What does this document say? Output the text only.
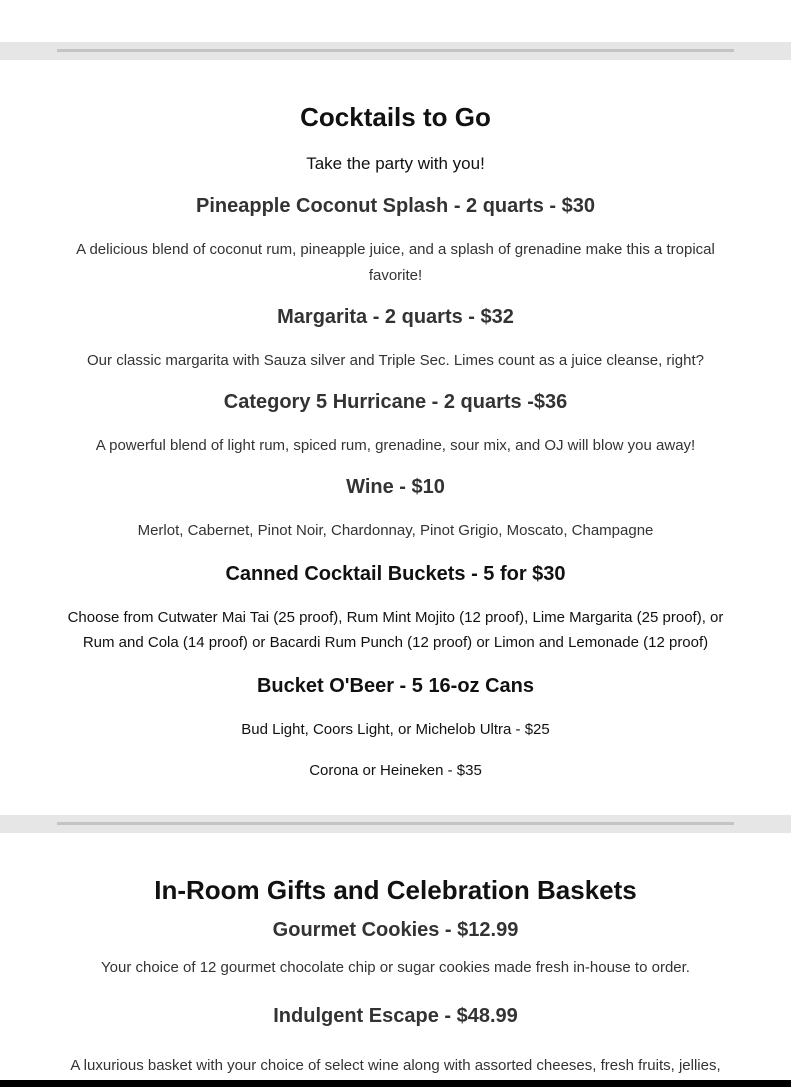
Cocktails to Go

Take the party with you!

Pineapple Coconut Splash - 2 quarts - $30

A delicious blend of coconut rum, pineapple juice, and a splash of grenadine make this a tropical

favorite!

Margarita - 2 quarts - $32

Our classic margarita with Sauza silver and Triple Sec. Limes count as a juice cleanse, right?

Category 5 Hurricane - 2 quarts -$36

A powerful blend of light rum, spiced rum, grenadine, sour mix, and OJ will blow you away!

Wine - $10

Merlot, Cabernet, Pinot Noir, Chardonnay, Pinot Grigio, Moscato, Champagne

Canned Cocktail Buckets - 5 for $30

Choose from Cutwater Mai Tai (25 proof), Rum Mint Mojito (12 proof), Lime Margarita (25 proof), or

Rum and Cola (14 proof) or Bacardi Rum Punch (12 proof) or Limon and Lemonade (12 proof)

Bucket O'Beer - 5 16-oz Cans

Bud Light, Coors Light, or Michelob Ultra - $25

Corona or Heineken - $35

In-Room Gifts and Celebration Baskets
Gourmet Cookies - $12.99

Your choice of 12 gourmet chocolate chip or sugar cookies made fresh in-house to order.

Indulgent Escape - $48.99

A luxurious basket with your choice of select wine along with assorted cheeses, fresh fruits, jellies,
